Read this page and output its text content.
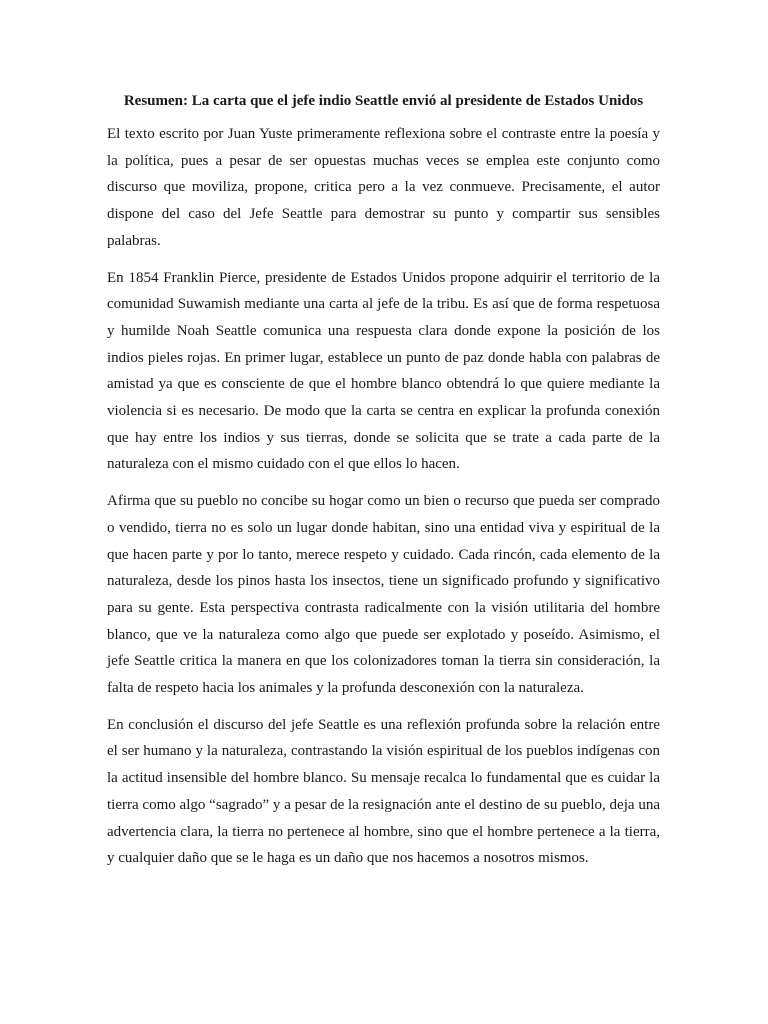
Resumen: La carta que el jefe indio Seattle envió al presidente de Estados Unidos

El texto escrito por Juan Yuste primeramente reflexiona sobre el contraste entre la poesía y la política, pues a pesar de ser opuestas muchas veces se emplea este conjunto como discurso que moviliza, propone, critica pero a la vez conmueve. Precisamente, el autor dispone del caso del Jefe Seattle para demostrar su punto y compartir sus sensibles palabras.

En 1854 Franklin Pierce, presidente de Estados Unidos propone adquirir el territorio de la comunidad Suwamish mediante una carta al jefe de la tribu. Es así que de forma respetuosa y humilde Noah Seattle comunica una respuesta clara donde expone la posición de los indios pieles rojas. En primer lugar, establece un punto de paz donde habla con palabras de amistad ya que es consciente de que el hombre blanco obtendrá lo que quiere mediante la violencia si es necesario. De modo que la carta se centra en explicar la profunda conexión que hay entre los indios y sus tierras, donde se solicita que se trate a cada parte de la naturaleza con el mismo cuidado con el que ellos lo hacen.

Afirma que su pueblo no concibe su hogar como un bien o recurso que pueda ser comprado o vendido, tierra no es solo un lugar donde habitan, sino una entidad viva y espiritual de la que hacen parte y por lo tanto, merece respeto y cuidado. Cada rincón, cada elemento de la naturaleza, desde los pinos hasta los insectos, tiene un significado profundo y significativo para su gente. Esta perspectiva contrasta radicalmente con la visión utilitaria del hombre blanco, que ve la naturaleza como algo que puede ser explotado y poseído. Asimismo, el jefe Seattle critica la manera en que los colonizadores toman la tierra sin consideración, la falta de respeto hacia los animales y la profunda desconexión con la naturaleza.

En conclusión el discurso del jefe Seattle es una reflexión profunda sobre la relación entre el ser humano y la naturaleza, contrastando la visión espiritual de los pueblos indígenas con la actitud insensible del hombre blanco. Su mensaje recalca lo fundamental que es cuidar la tierra como algo “sagrado” y a pesar de la resignación ante el destino de su pueblo, deja una advertencia clara, la tierra no pertenece al hombre, sino que el hombre pertenece a la tierra, y cualquier daño que se le haga es un daño que nos hacemos a nosotros mismos.
